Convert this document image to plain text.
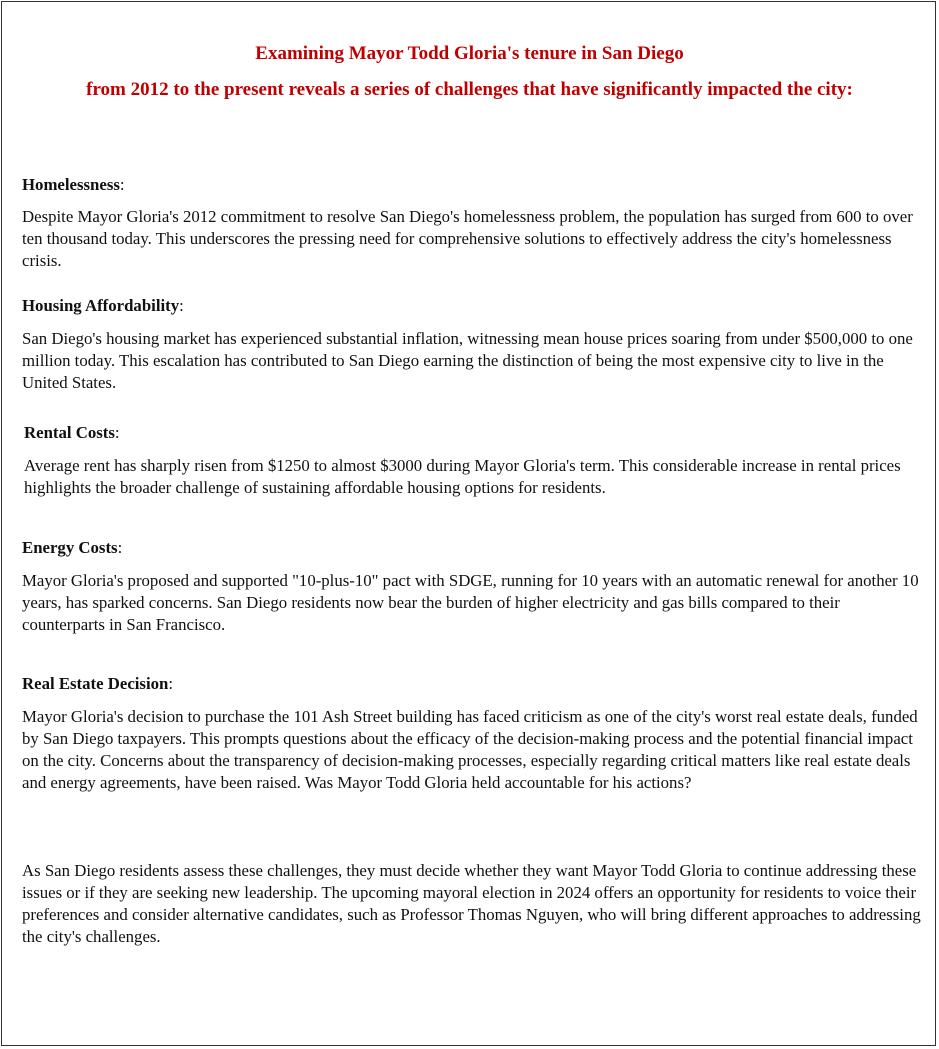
Examining Mayor Todd Gloria's tenure in San Diego
from 2012 to the present reveals a series of challenges that have significantly impacted the city:

Homelessness:

Despite Mayor Gloria's 2012 commitment to resolve San Diego's homelessness problem, the population has surged from 600 to over ten thousand today. This underscores the pressing need for comprehensive solutions to effectively address the city's homelessness crisis.

Housing Affordability:

San Diego's housing market has experienced substantial inflation, witnessing mean house prices soaring from under $500,000 to one million today. This escalation has contributed to San Diego earning the distinction of being the most expensive city to live in the United States.

Rental Costs:

Average rent has sharply risen from $1250 to almost $3000 during Mayor Gloria's term. This considerable increase in rental prices highlights the broader challenge of sustaining affordable housing options for residents.

Energy Costs:

Mayor Gloria's proposed and supported "10-plus-10" pact with SDGE, running for 10 years with an automatic renewal for another 10 years, has sparked concerns. San Diego residents now bear the burden of higher electricity and gas bills compared to their counterparts in San Francisco.

Real Estate Decision:

Mayor Gloria's decision to purchase the 101 Ash Street building has faced criticism as one of the city's worst real estate deals, funded by San Diego taxpayers. This prompts questions about the efficacy of the decision-making process and the potential financial impact on the city. Concerns about the transparency of decision-making processes, especially regarding critical matters like real estate deals and energy agreements, have been raised. Was Mayor Todd Gloria held accountable for his actions?

As San Diego residents assess these challenges, they must decide whether they want Mayor Todd Gloria to continue addressing these issues or if they are seeking new leadership. The upcoming mayoral election in 2024 offers an opportunity for residents to voice their preferences and consider alternative candidates, such as Professor Thomas Nguyen, who will bring different approaches to addressing the city's challenges.
